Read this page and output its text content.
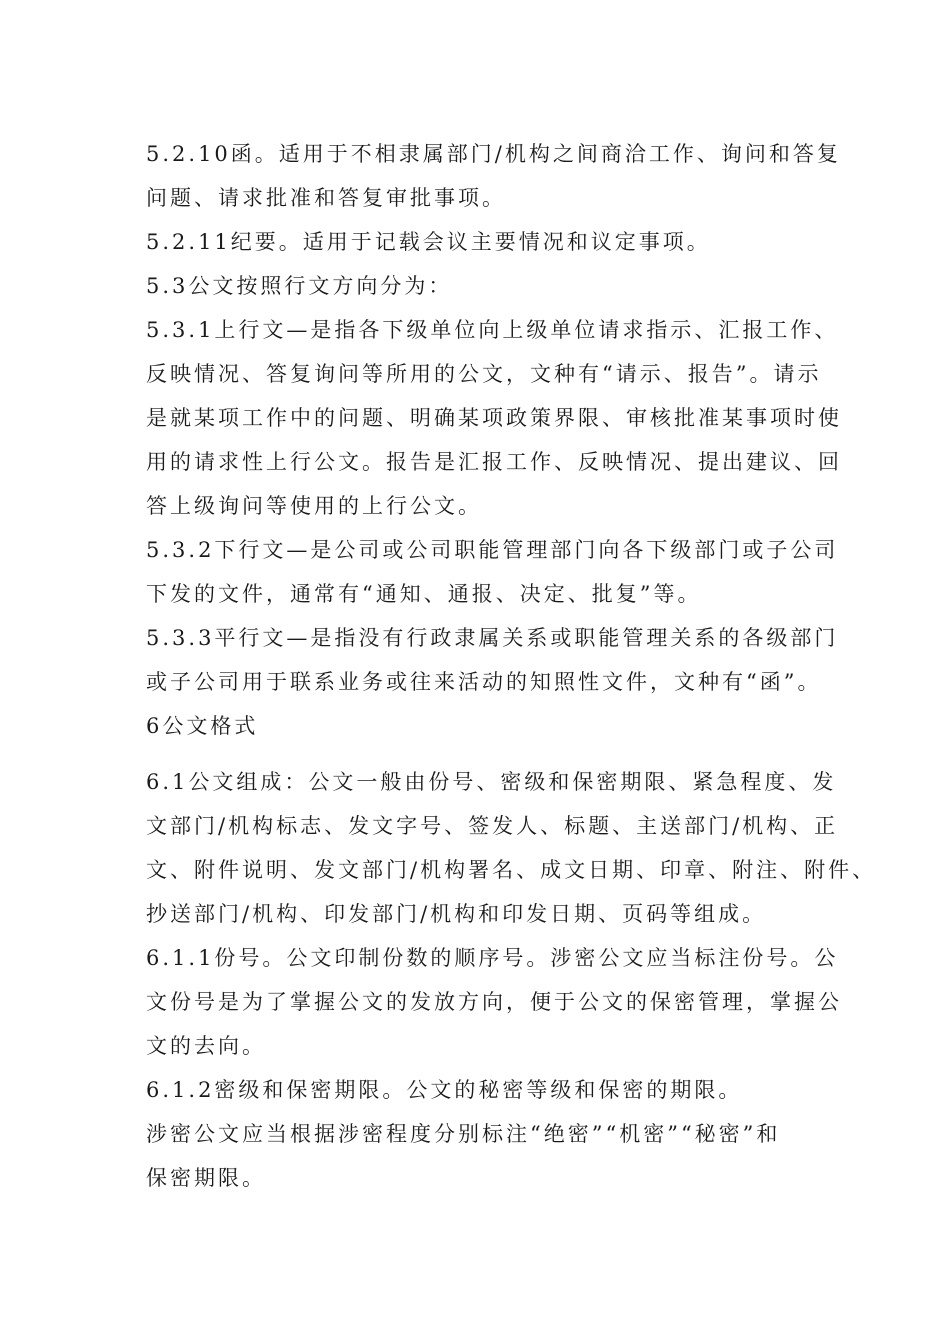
5.2.10函。适用于不相隶属部门/机构之间商洽工作、询问和答复
问题、请求批准和答复审批事项。
5.2.11纪要。适用于记载会议主要情况和议定事项。
5.3公文按照行文方向分为：
5.3.1上行文—是指各下级单位向上级单位请求指示、汇报工作、
反映情况、答复询问等所用的公文，文种有“请示、报告”。请示
是就某项工作中的问题、明确某项政策界限、审核批准某事项时使
用的请求性上行公文。报告是汇报工作、反映情况、提出建议、回
答上级询问等使用的上行公文。
5.3.2下行文—是公司或公司职能管理部门向各下级部门或子公司
下发的文件，通常有“通知、通报、决定、批复”等。
5.3.3平行文—是指没有行政隶属关系或职能管理关系的各级部门
或子公司用于联系业务或往来活动的知照性文件，文种有“函”。
6公文格式
6.1公文组成：公文一般由份号、密级和保密期限、紧急程度、发
文部门/机构标志、发文字号、签发人、标题、主送部门/机构、正
文、附件说明、发文部门/机构署名、成文日期、印章、附注、附件、
抄送部门/机构、印发部门/机构和印发日期、页码等组成。
6.1.1份号。公文印制份数的顺序号。涉密公文应当标注份号。公
文份号是为了掌握公文的发放方向，便于公文的保密管理，掌握公
文的去向。
6.1.2密级和保密期限。公文的秘密等级和保密的期限。
涉密公文应当根据涉密程度分别标注“绝密”“机密”“秘密”和
保密期限。
